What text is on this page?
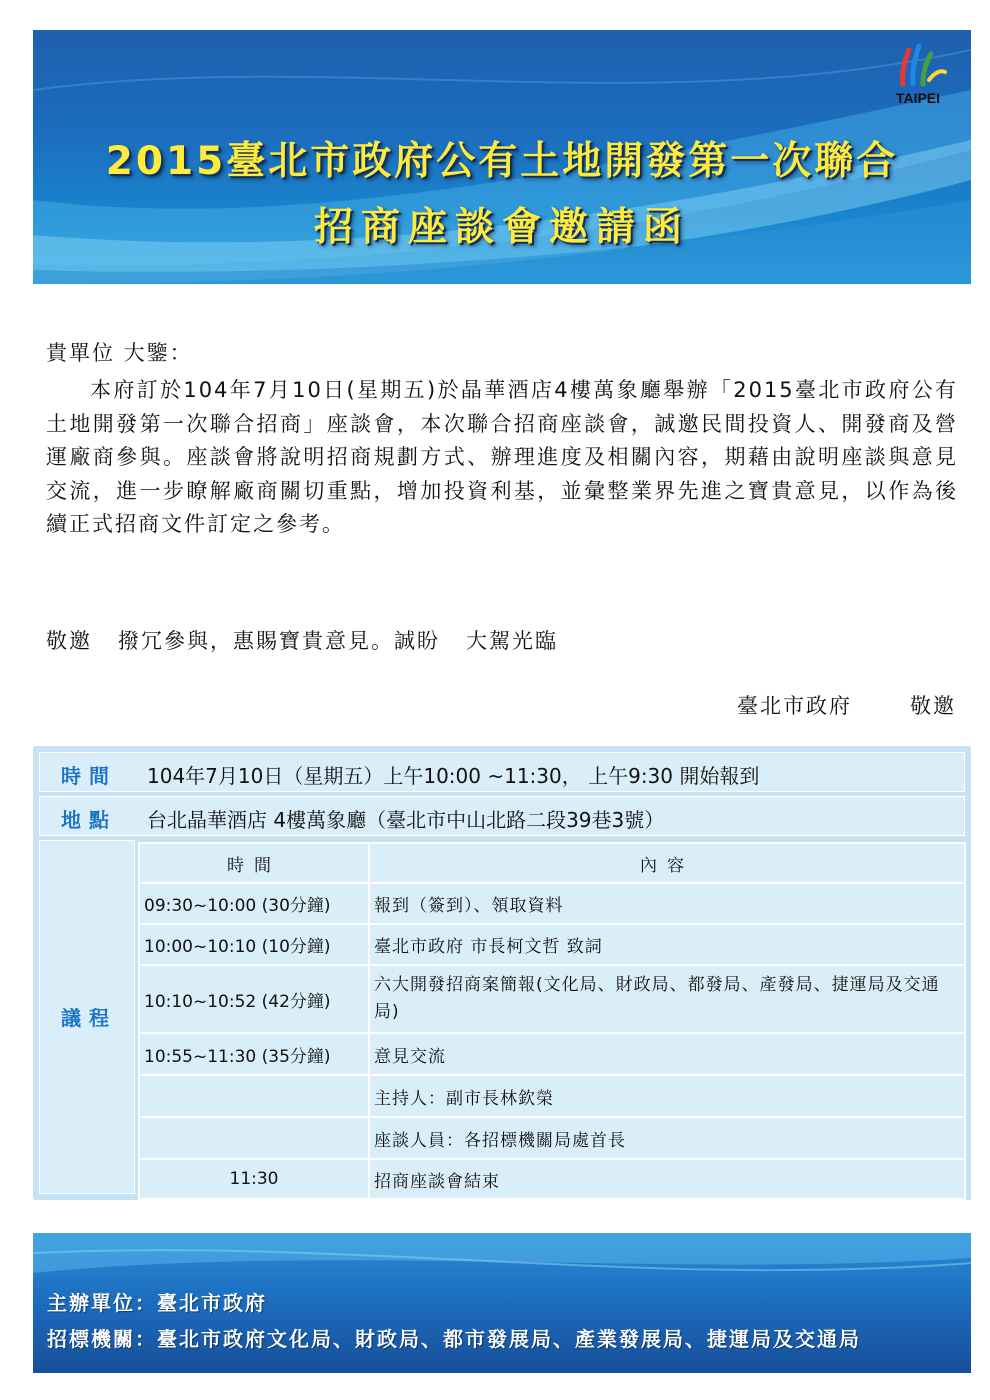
TAIPEI
2015臺北市政府公有土地開發第一次聯合
招商座談會邀請函
貴單位 大鑒：
本府訂於104年7月10日(星期五)於晶華酒店4樓萬象廳舉辦「2015臺北市政府公有土地開發第一次聯合招商」座談會，本次聯合招商座談會，誠邀民間投資人、開發商及營運廠商參與。座談會將說明招商規劃方式、辦理進度及相關內容，期藉由說明座談與意見交流，進一步瞭解廠商關切重點，增加投資利基，並彙整業界先進之寶貴意見，以作為後續正式招商文件訂定之參考。
敬邀 撥冗參與，惠賜寶貴意見。誠盼 大駕光臨
臺北市政府	敬邀
時間 104年7月10日（星期五）上午10:00 ~11:30， 上午9:30 開始報到
地點 台北晶華酒店 4樓萬象廳（臺北市中山北路二段39巷3號）
議程
時間	內容
09:30~10:00 (30分鐘)	報到（簽到）、領取資料
10:00~10:10 (10分鐘)	臺北市政府 市長柯文哲 致詞
10:10~10:52 (42分鐘)	六大開發招商案簡報(文化局、財政局、都發局、產發局、捷運局及交通局)
10:55~11:30 (35分鐘)	意見交流
	主持人：副市長林欽榮
	座談人員：各招標機關局處首長
11:30	招商座談會結束
主辦單位：臺北市政府
招標機關：臺北市政府文化局、財政局、都市發展局、產業發展局、捷運局及交通局
